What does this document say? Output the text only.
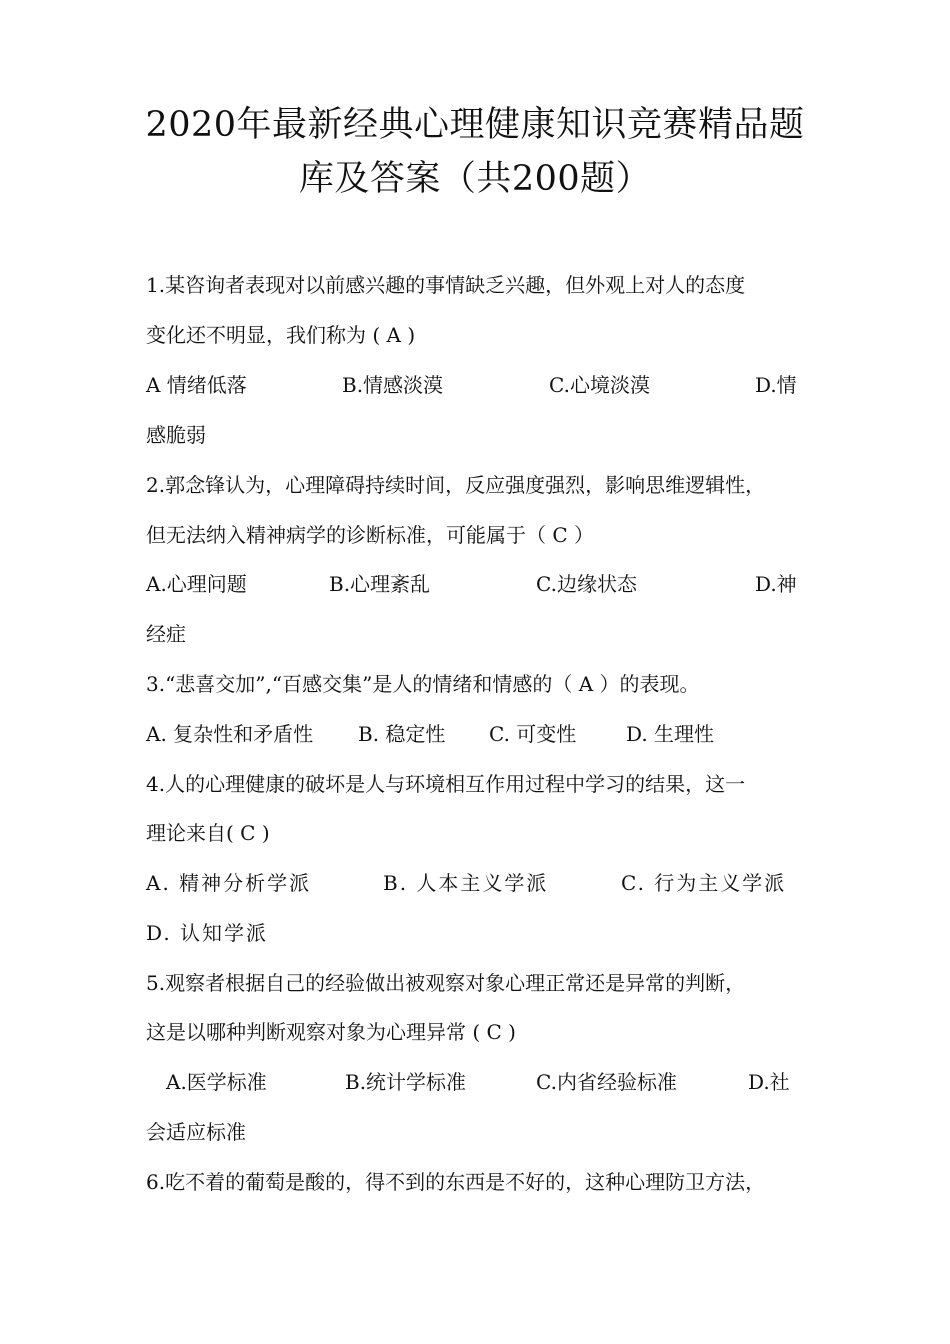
2020年最新经典心理健康知识竞赛精品题
库及答案（共200题）
1.某咨询者表现对以前感兴趣的事情缺乏兴趣，但外观上对人的态度
变化还不明显，我们称为 ( A )
A 情绪低落	B.情感淡漠	C.心境淡漠	D.情
感脆弱
2.郭念锋认为，心理障碍持续时间，反应强度强烈，影响思维逻辑性，
但无法纳入精神病学的诊断标准，可能属于（ C ）
A.心理问题	B.心理紊乱	C.边缘状态	D.神
经症
3.“悲喜交加”,“百感交集”是人的情绪和情感的（ A ）的表现。
A. 复杂性和矛盾性 B. 稳定性 C. 可变性 D. 生理性
4.人的心理健康的破坏是人与环境相互作用过程中学习的结果，这一
理论来自( C )
A. 精神分析学派	B. 人本主义学派	C. 行为主义学派
D. 认知学派
5.观察者根据自己的经验做出被观察对象心理正常还是异常的判断，
这是以哪种判断观察对象为心理异常 ( C )
A.医学标准	B.统计学标准	C.内省经验标准	D.社
会适应标准
6.吃不着的葡萄是酸的，得不到的东西是不好的，这种心理防卫方法，
